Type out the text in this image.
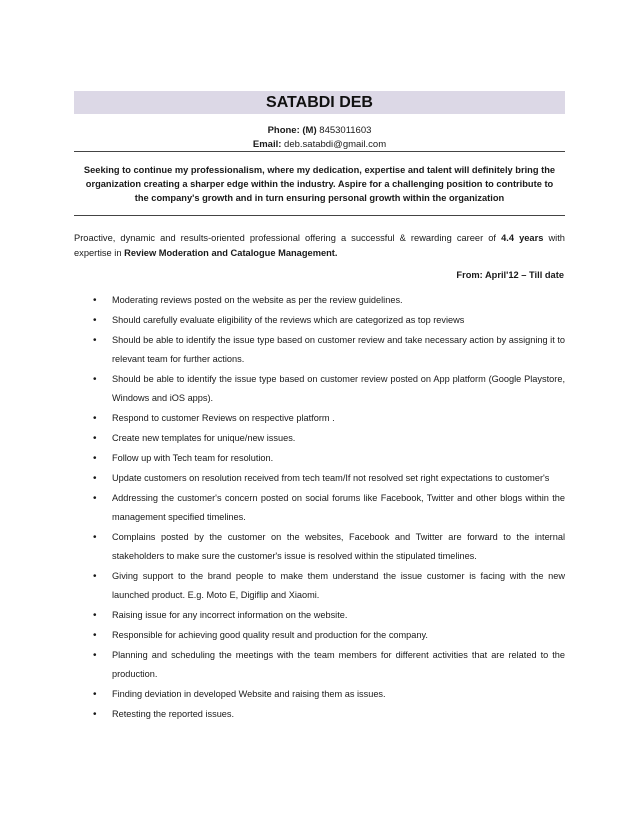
SATABDI DEB
Phone: (M) 8453011603
Email: deb.satabdi@gmail.com
Seeking to continue my professionalism, where my dedication, expertise and talent will definitely bring the organization creating a sharper edge within the industry. Aspire for a challenging position to contribute to the company's growth and in turn ensuring personal growth within the organization
Proactive, dynamic and results-oriented professional offering a successful & rewarding career of 4.4 years with expertise in Review Moderation and Catalogue Management.
From: April'12 – Till date
• Moderating reviews posted on the website as per the review guidelines.
• Should carefully evaluate eligibility of the reviews which are categorized as top reviews
• Should be able to identify the issue type based on customer review and take necessary action by assigning it to relevant team for further actions.
• Should be able to identify the issue type based on customer review posted on App platform (Google Playstore, Windows and iOS apps).
• Respond to customer Reviews on respective platform .
• Create new templates for unique/new issues.
• Follow up with Tech team for resolution.
• Update customers on resolution received from tech team/If not resolved set right expectations to customer's
• Addressing the customer's concern posted on social forums like Facebook, Twitter and other blogs within the management specified timelines.
• Complains posted by the customer on the websites, Facebook and Twitter are forward to the internal stakeholders to make sure the customer's issue is resolved within the stipulated timelines.
• Giving support to the brand people to make them understand the issue customer is facing with the new launched product. E.g. Moto E, Digiflip and Xiaomi.
• Raising issue for any incorrect information on the website.
• Responsible for achieving good quality result and production for the company.
• Planning and scheduling the meetings with the team members for different activities that are related to the production.
• Finding deviation in developed Website and raising them as issues.
• Retesting the reported issues.
